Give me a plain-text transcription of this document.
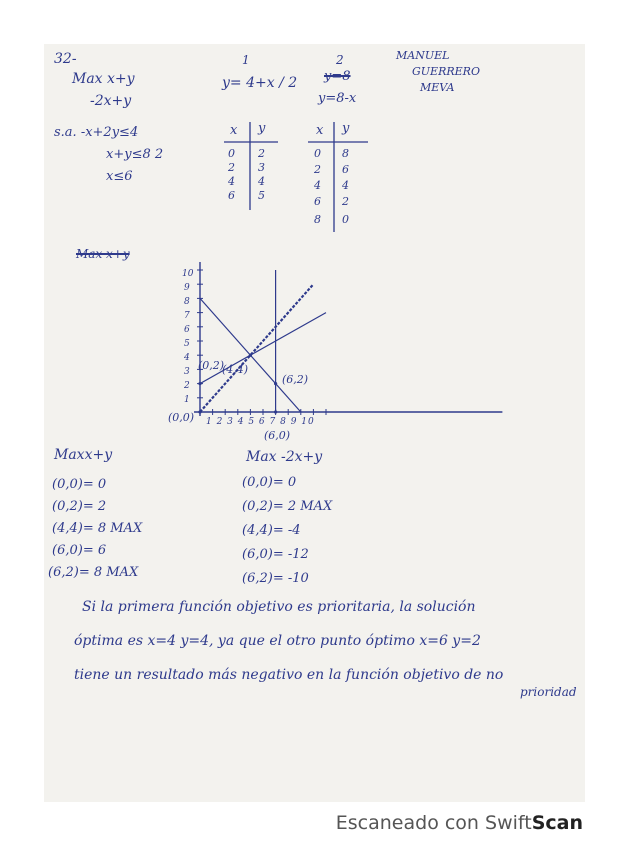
32-

Max x+y

-2x+y

s.a. -x+2y≤4

x+y≤8 2

x≤6

MANUEL

GUERRERO

MEVA

1

y= 4+x / 2

x y

0 2

2 3

4 4

6 5

2

y=8

y=8-x

x y

0 8

2 6

4 4

6 2

8 0

Max x+y

(0,2)

(4,4)

(6,2)

(0,0)

(6,0)

1 2 3 4 5 6 7 8 9 10

10

9

8

7

6

5

4

3

2

1

Maxx+y

(0,0)= 0

(0,2)= 2

(4,4)= 8 MAX

(6,0)= 6

(6,2)= 8 MAX

Max -2x+y

(0,0)= 0

(0,2)= 2 MAX

(4,4)= -4

(6,0)= -12

(6,2)= -10

Si la primera función objetivo es prioritaria, la solución

óptima es x=4 y=4, ya que el otro punto óptimo x=6 y=2

tiene un resultado más negativo en la función objetivo de no

prioridad

Escaneado con SwiftScan
